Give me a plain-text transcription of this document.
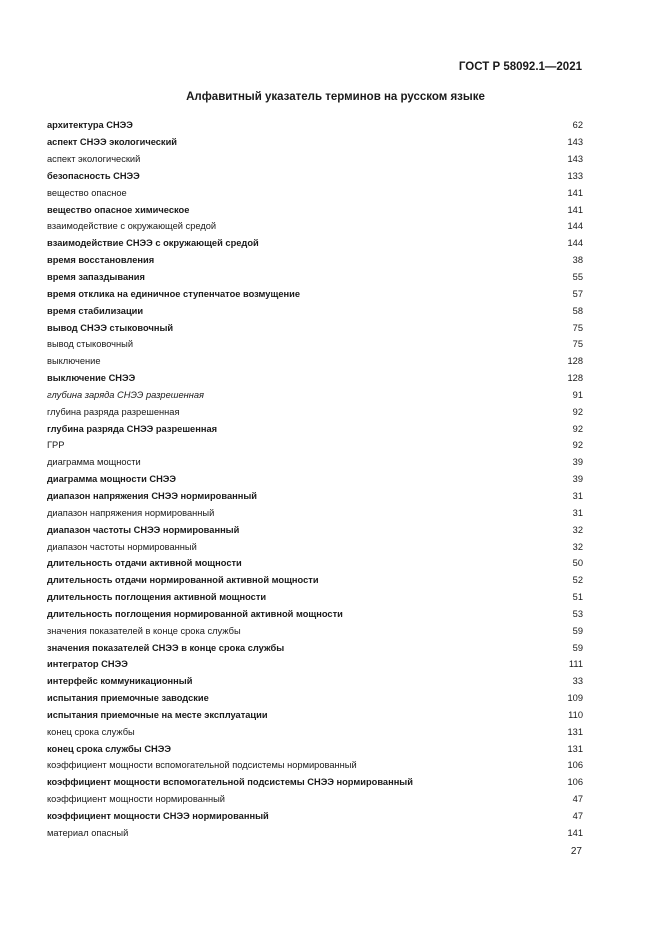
ГОСТ Р 58092.1—2021
Алфавитный указатель терминов на русском языке
архитектура СНЭЭ	62
аспект СНЭЭ экологический	143
аспект экологический	143
безопасность СНЭЭ	133
вещество опасное	141
вещество опасное химическое	141
взаимодействие с окружающей средой	144
взаимодействие СНЭЭ с окружающей средой	144
время восстановления	38
время запаздывания	55
время отклика на единичное ступенчатое возмущение	57
время стабилизации	58
вывод СНЭЭ стыковочный	75
вывод стыковочный	75
выключение	128
выключение СНЭЭ	128
глубина заряда СНЭЭ разрешенная	91
глубина разряда разрешенная	92
глубина разряда СНЭЭ разрешенная	92
ГРР	92
диаграмма мощности	39
диаграмма мощности СНЭЭ	39
диапазон напряжения СНЭЭ нормированный	31
диапазон напряжения нормированный	31
диапазон частоты СНЭЭ нормированный	32
диапазон частоты нормированный	32
длительность отдачи активной мощности	50
длительность отдачи нормированной активной мощности	52
длительность поглощения активной мощности	51
длительность поглощения нормированной активной мощности	53
значения показателей в конце срока службы	59
значения показателей СНЭЭ в конце срока службы	59
интегратор СНЭЭ	111
интерфейс коммуникационный	33
испытания приемочные заводские	109
испытания приемочные на месте эксплуатации	110
конец срока службы	131
конец срока службы СНЭЭ	131
коэффициент мощности вспомогательной подсистемы нормированный	106
коэффициент мощности вспомогательной подсистемы СНЭЭ нормированный	106
коэффициент мощности нормированный	47
коэффициент мощности СНЭЭ нормированный	47
материал опасный	141
27
